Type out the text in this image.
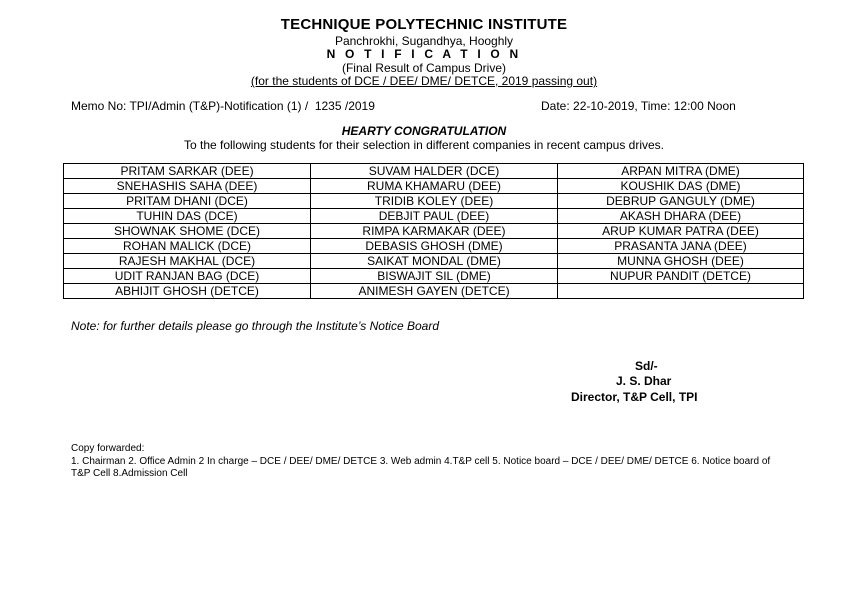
TECHNIQUE POLYTECHNIC INSTITUTE
Panchrokhi, Sugandhya, Hooghly
N O T I F I C A T I O N
(Final Result of Campus Drive)
(for the students of DCE / DEE/ DME/ DETCE, 2019 passing out)
Memo No: TPI/Admin (T&P)-Notification (1) /  1235 /2019	Date: 22-10-2019, Time: 12:00 Noon
HEARTY CONGRATULATION
To the following students for their selection in different companies in recent campus drives.
PRITAM SARKAR (DEE)	SUVAM HALDER (DCE)	ARPAN MITRA (DME)
SNEHASHIS SAHA (DEE)	RUMA KHAMARU (DEE)	KOUSHIK DAS (DME)
PRITAM DHANI (DCE)	TRIDIB KOLEY (DEE)	DEBRUP GANGULY (DME)
TUHIN DAS (DCE)	DEBJIT PAUL (DEE)	AKASH DHARA (DEE)
SHOWNAK SHOME (DCE)	RIMPA KARMAKAR (DEE)	ARUP KUMAR PATRA (DEE)
ROHAN MALICK (DCE)	DEBASIS GHOSH (DME)	PRASANTA JANA (DEE)
RAJESH MAKHAL (DCE)	SAIKAT MONDAL (DME)	MUNNA GHOSH (DEE)
UDIT RANJAN BAG (DCE)	BISWAJIT SIL (DME)	NUPUR PANDIT (DETCE)
ABHIJIT GHOSH (DETCE)	ANIMESH GAYEN (DETCE)	
Note: for further details please go through the Institute’s Notice Board
Sd/-
J. S. Dhar
Director, T&P Cell, TPI
Copy forwarded:
1. Chairman 2. Office Admin 2 In charge – DCE / DEE/ DME/ DETCE 3. Web admin 4.T&P cell 5. Notice board – DCE / DEE/ DME/ DETCE 6. Notice board of T&P Cell 8.Admission Cell
